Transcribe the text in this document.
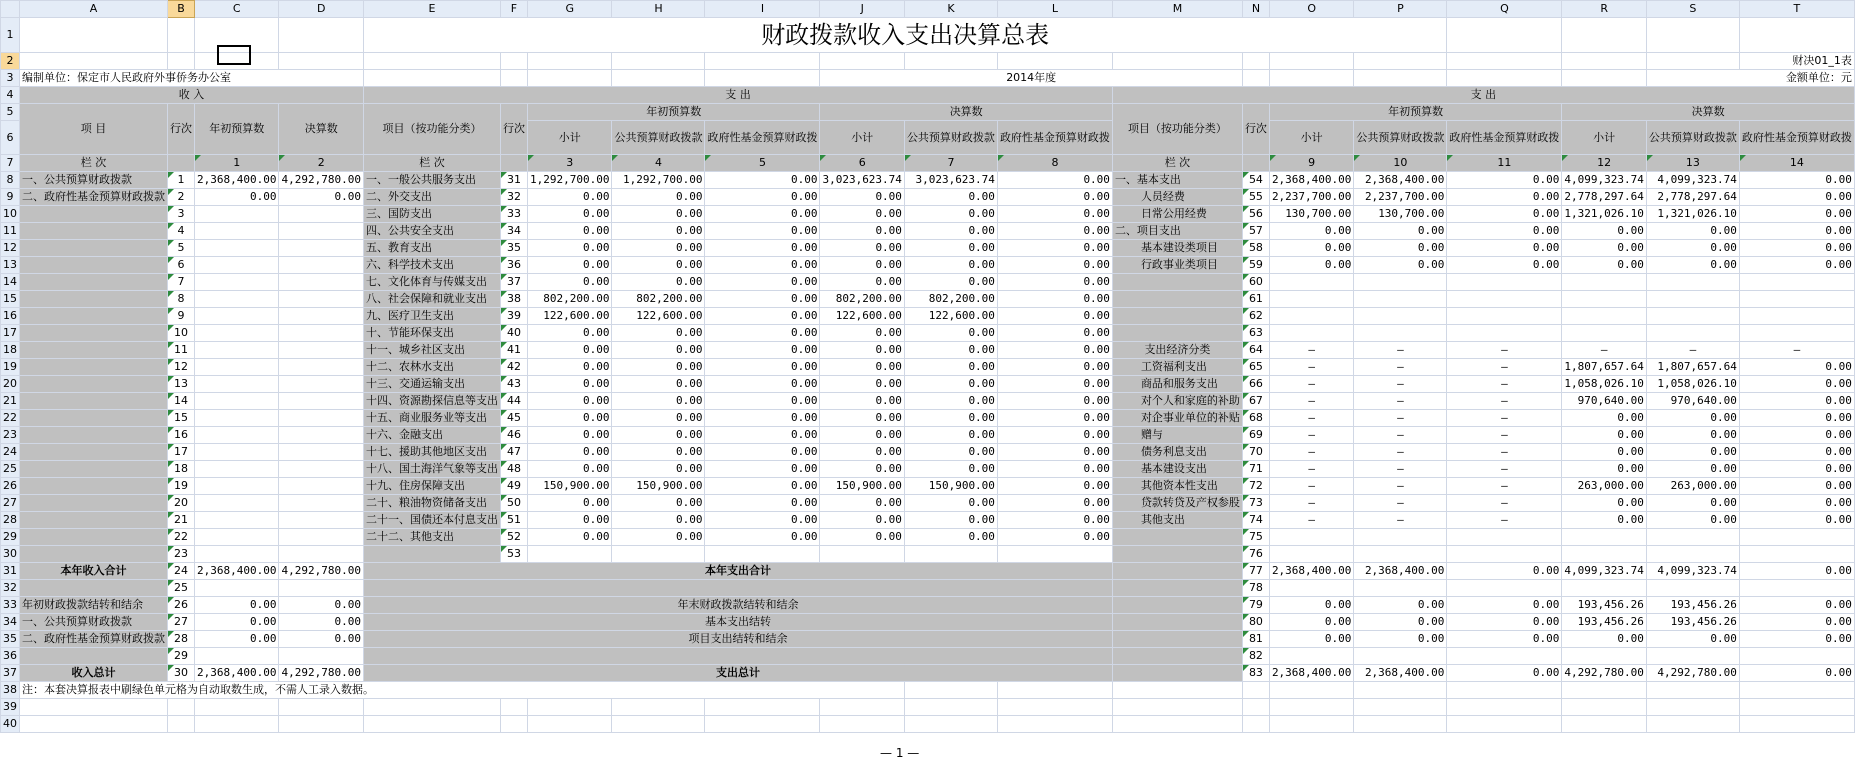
	A	B	C	D	E	F	G	H	I	J	K	L	M	N	O	P	Q	R	S	T
1					财政拨款收入支出决算总表															
2																				财决01_1表
3	编制单位：保定市人民政府外事侨务办公室									2014年度									金额单位：元	
4	收 入				支 出								支 出							
5	项 目	行次	年初预算数	决算数	项目（按功能分类）	行次	年初预算数			决算数			项目（按功能分类）	行次	年初预算数			决算数		
6							小计	公共预算财政拨款	政府性基金预算财政拨	小计	公共预算财政拨款	政府性基金预算财政拨			小计	公共预算财政拨款	政府性基金预算财政拨	小计	公共预算财政拨款	政府性基金预算财政拨
7	栏 次		1	2	栏 次		3	4	5	6	7	8	栏 次		9	10	11	12	13	14
8	一、公共预算财政拨款	1	2,368,400.00	4,292,780.00	一、一般公共服务支出	31	1,292,700.00	1,292,700.00	0.00	3,023,623.74	3,023,623.74	0.00	一、基本支出	54	2,368,400.00	2,368,400.00	0.00	4,099,323.74	4,099,323.74	0.00
9	二、政府性基金预算财政拨款	2	0.00	0.00	二、外交支出	32	0.00	0.00	0.00	0.00	0.00	0.00	人员经费	55	2,237,700.00	2,237,700.00	0.00	2,778,297.64	2,778,297.64	0.00
10		3			三、国防支出	33	0.00	0.00	0.00	0.00	0.00	0.00	日常公用经费	56	130,700.00	130,700.00	0.00	1,321,026.10	1,321,026.10	0.00
11		4			四、公共安全支出	34	0.00	0.00	0.00	0.00	0.00	0.00	二、项目支出	57	0.00	0.00	0.00	0.00	0.00	0.00
12		5			五、教育支出	35	0.00	0.00	0.00	0.00	0.00	0.00	基本建设类项目	58	0.00	0.00	0.00	0.00	0.00	0.00
13		6			六、科学技术支出	36	0.00	0.00	0.00	0.00	0.00	0.00	行政事业类项目	59	0.00	0.00	0.00	0.00	0.00	0.00
14		7			七、文化体育与传媒支出	37	0.00	0.00	0.00	0.00	0.00	0.00		60						
15		8			八、社会保障和就业支出	38	802,200.00	802,200.00	0.00	802,200.00	802,200.00	0.00		61						
16		9			九、医疗卫生支出	39	122,600.00	122,600.00	0.00	122,600.00	122,600.00	0.00		62						
17		10			十、节能环保支出	40	0.00	0.00	0.00	0.00	0.00	0.00		63						
18		11			十一、城乡社区支出	41	0.00	0.00	0.00	0.00	0.00	0.00	支出经济分类	64	—	—	—	—	—	—
19		12			十二、农林水支出	42	0.00	0.00	0.00	0.00	0.00	0.00	工资福利支出	65	—	—	—	1,807,657.64	1,807,657.64	0.00
20		13			十三、交通运输支出	43	0.00	0.00	0.00	0.00	0.00	0.00	商品和服务支出	66	—	—	—	1,058,026.10	1,058,026.10	0.00
21		14			十四、资源勘探信息等支出	44	0.00	0.00	0.00	0.00	0.00	0.00	对个人和家庭的补助	67	—	—	—	970,640.00	970,640.00	0.00
22		15			十五、商业服务业等支出	45	0.00	0.00	0.00	0.00	0.00	0.00	对企事业单位的补贴	68	—	—	—	0.00	0.00	0.00
23		16			十六、金融支出	46	0.00	0.00	0.00	0.00	0.00	0.00	赠与	69	—	—	—	0.00	0.00	0.00
24		17			十七、援助其他地区支出	47	0.00	0.00	0.00	0.00	0.00	0.00	债务利息支出	70	—	—	—	0.00	0.00	0.00
25		18			十八、国土海洋气象等支出	48	0.00	0.00	0.00	0.00	0.00	0.00	基本建设支出	71	—	—	—	0.00	0.00	0.00
26		19			十九、住房保障支出	49	150,900.00	150,900.00	0.00	150,900.00	150,900.00	0.00	其他资本性支出	72	—	—	—	263,000.00	263,000.00	0.00
27		20			二十、粮油物资储备支出	50	0.00	0.00	0.00	0.00	0.00	0.00	贷款转贷及产权参股	73	—	—	—	0.00	0.00	0.00
28		21			二十一、国债还本付息支出	51	0.00	0.00	0.00	0.00	0.00	0.00	其他支出	74	—	—	—	0.00	0.00	0.00
29		22			二十二、其他支出	52	0.00	0.00	0.00	0.00	0.00	0.00		75						
30		23				53								76						
31	本年收入合计	24	2,368,400.00	4,292,780.00	本年支出合计									77	2,368,400.00	2,368,400.00	0.00	4,099,323.74	4,099,323.74	0.00
32		25												78						
33	年初财政拨款结转和结余	26	0.00	0.00	年末财政拨款结转和结余									79	0.00	0.00	0.00	193,456.26	193,456.26	0.00
34	一、公共预算财政拨款	27	0.00	0.00	基本支出结转									80	0.00	0.00	0.00	193,456.26	193,456.26	0.00
35	二、政府性基金预算财政拨款	28	0.00	0.00	项目支出结转和结余									81	0.00	0.00	0.00	0.00	0.00	0.00
36		29												82						
37	收入总计	30	2,368,400.00	4,292,780.00	支出总计									83	2,368,400.00	2,368,400.00	0.00	4,292,780.00	4,292,780.00	0.00
38	注：本套决算报表中刷绿色单元格为自动取数生成，不需人工录入数据。																			
39																				
40																				
— 1 —
